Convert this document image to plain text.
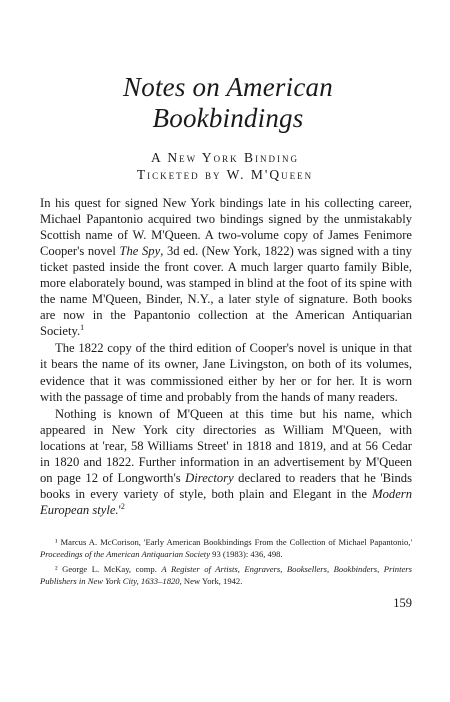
Notes on American Bookbindings
A New York Binding
Ticketed by W. M'Queen

In his quest for signed New York bindings late in his collecting career, Michael Papantonio acquired two bindings signed by the unmistakably Scottish name of W. M'Queen. A two-volume copy of James Fenimore Cooper's novel The Spy, 3d ed. (New York, 1822) was signed with a tiny ticket pasted inside the front cover. A much larger quarto family Bible, more elaborately bound, was stamped in blind at the foot of its spine with the name M'Queen, Binder, N.Y., a later style of signature. Both books are now in the Papantonio collection at the American Antiquarian Society.$^1$

The 1822 copy of the third edition of Cooper's novel is unique in that it bears the name of its owner, Jane Livingston, on both of its volumes, evidence that it was commissioned either by her or for her. It is worn with the passage of time and probably from the hands of many readers.

Nothing is known of M'Queen at this time but his name, which appeared in New York city directories as William M'Queen, with locations at 'rear, 58 Williams Street' in 1818 and 1819, and at 56 Cedar in 1820 and 1822. Further information in an advertisement by M'Queen on page 12 of Longworth's Directory declared to readers that he 'Binds books in every variety of style, both plain and Elegant in the Modern European $style.'^2$

¹ Marcus A. McCorison, 'Early American Bookbindings From the Collection of Michael Papantonio,' Proceedings of the American Antiquarian Society 93 (1983): 436, 498.

² George L. McKay, comp. A Register of Artists, Engravers, Booksellers, Bookbinders, Printers Publishers in New York City, 1633–1820, New York, 1942.

159
